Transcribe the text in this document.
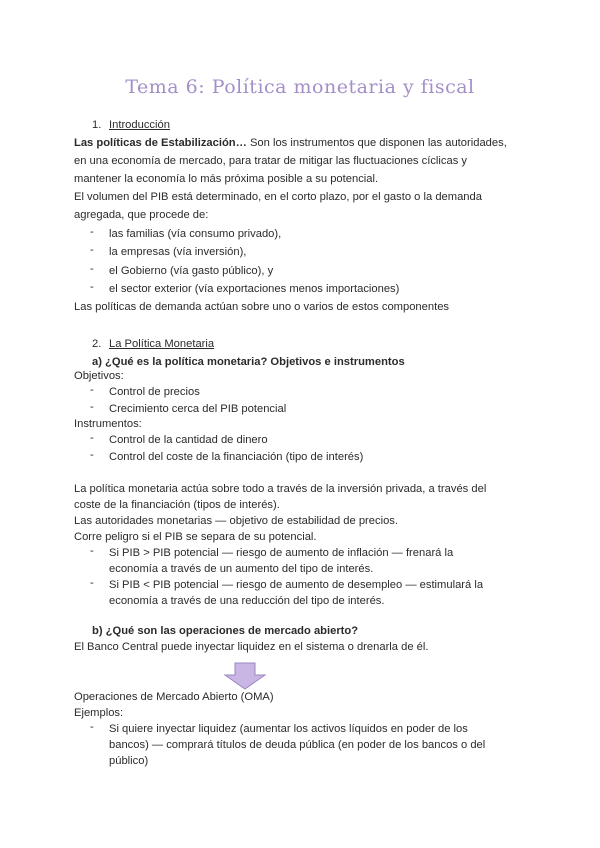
Tema 6: Política monetaria y fiscal
1. Introducción
Las políticas de Estabilización… Son los instrumentos que disponen las autoridades,
en una economía de mercado, para tratar de mitigar las fluctuaciones cíclicas y
mantener la economía lo más próxima posible a su potencial.
El volumen del PIB está determinado, en el corto plazo, por el gasto o la demanda
agregada, que procede de:
- las familias (vía consumo privado),
- la empresas (vía inversión),
- el Gobierno (vía gasto público), y
- el sector exterior (vía exportaciones menos importaciones)
Las políticas de demanda actúan sobre uno o varios de estos componentes
2. La Política Monetaria
a) ¿Qué es la política monetaria? Objetivos e instrumentos
Objetivos:
- Control de precios
- Crecimiento cerca del PIB potencial
Instrumentos:
- Control de la cantidad de dinero
- Control del coste de la financiación (tipo de interés)
La política monetaria actúa sobre todo a través de la inversión privada, a través del
coste de la financiación (tipos de interés).
Las autoridades monetarias — objetivo de estabilidad de precios.
Corre peligro si el PIB se separa de su potencial.
- Si PIB > PIB potencial — riesgo de aumento de inflación — frenará la
economía a través de un aumento del tipo de interés.
- Si PIB < PIB potencial — riesgo de aumento de desempleo — estimulará la
economía a través de una reducción del tipo de interés.
b) ¿Qué son las operaciones de mercado abierto?
El Banco Central puede inyectar liquidez en el sistema o drenarla de él.
Operaciones de Mercado Abierto (OMA)
Ejemplos:
- Si quiere inyectar liquidez (aumentar los activos líquidos en poder de los
bancos) — comprará títulos de deuda pública (en poder de los bancos o del
público)
